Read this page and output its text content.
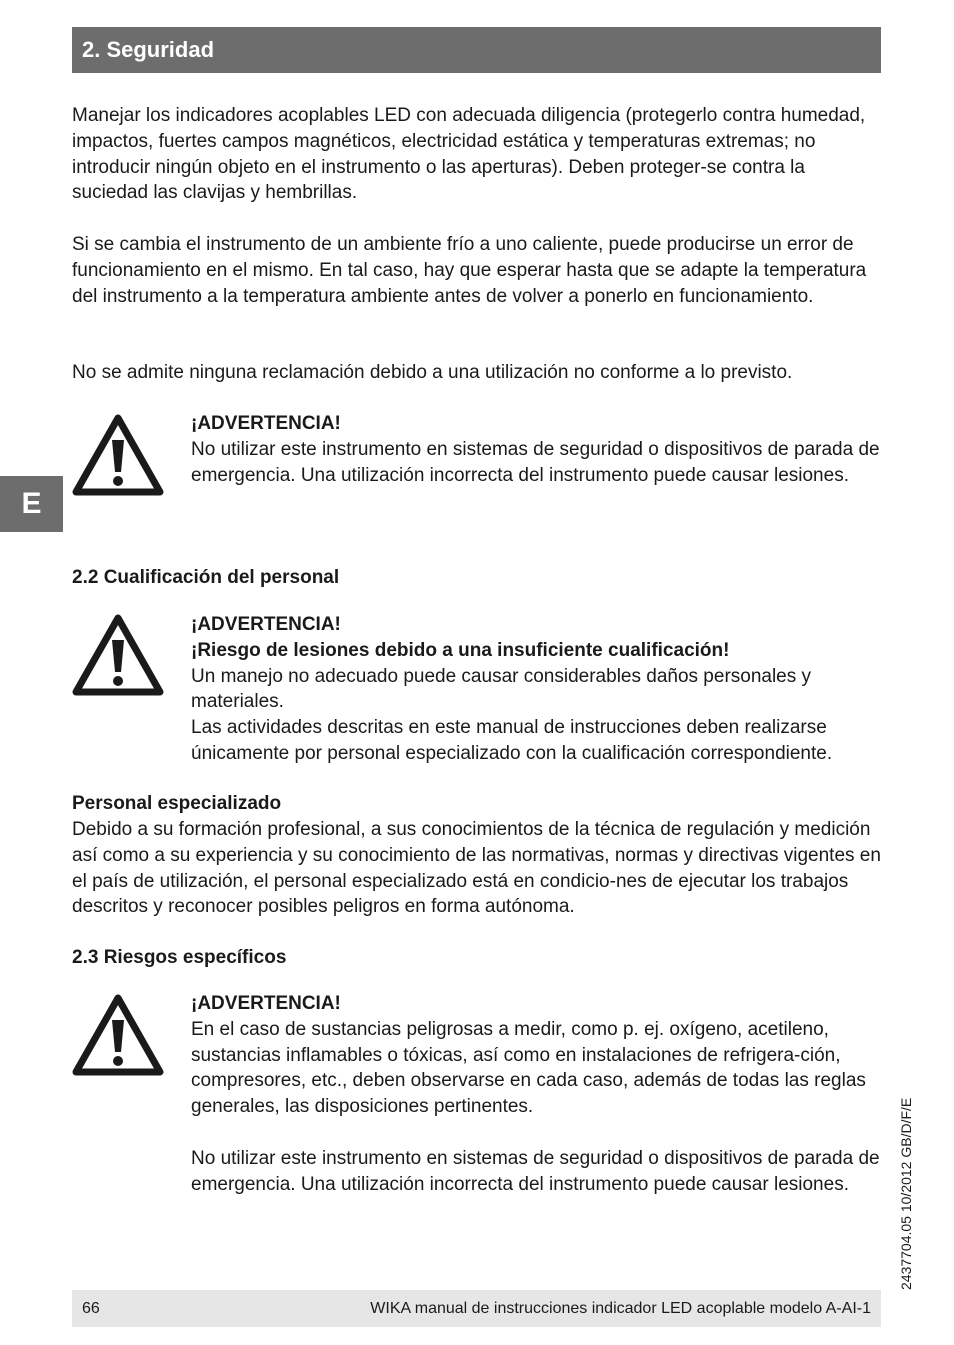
2. Seguridad
E

Manejar los indicadores acoplables LED con adecuada diligencia (protegerlo contra humedad, impactos, fuertes campos magnéticos, electricidad estática y temperaturas extremas; no introducir ningún objeto en el instrumento o las aperturas). Deben proteger-se contra la suciedad las clavijas y hembrillas.

Si se cambia el instrumento de un ambiente frío a uno caliente, puede producirse un error de funcionamiento en el mismo. En tal caso, hay que esperar hasta que se adapte la temperatura del instrumento a la temperatura ambiente antes de volver a ponerlo en funcionamiento.

No se admite ninguna reclamación debido a una utilización no conforme a lo previsto.

¡ADVERTENCIA!
No utilizar este instrumento en sistemas de seguridad o dispositivos de parada de emergencia. Una utilización incorrecta del instrumento puede causar lesiones.
2.2 Cualificación del personal
¡ADVERTENCIA!
¡Riesgo de lesiones debido a una insuficiente cualificación!
Un manejo no adecuado puede causar considerables daños personales y materiales.
Las actividades descritas en este manual de instrucciones deben realizarse únicamente por personal especializado con la cualificación correspondiente.
Personal especializado

Debido a su formación profesional, a sus conocimientos de la técnica de regulación y medición así como a su experiencia y su conocimiento de las normativas, normas y directivas vigentes en el país de utilización, el personal especializado está en condicio-nes de ejecutar los trabajos descritos y reconocer posibles peligros en forma autónoma.

2.3 Riesgos específicos
¡ADVERTENCIA!
En el caso de sustancias peligrosas a medir, como p. ej. oxígeno, acetileno, sustancias inflamables o tóxicas, así como en instalaciones de refrigera-ción, compresores, etc., deben observarse en cada caso, además de todas las reglas generales, las disposiciones pertinentes.
No utilizar este instrumento en sistemas de seguridad o dispositivos de parada de emergencia. Una utilización incorrecta del instrumento puede causar lesiones.	2437704.05 10/2012 GB/D/F/E
66	WIKA manual de instrucciones indicador LED acoplable modelo A-AI-1
